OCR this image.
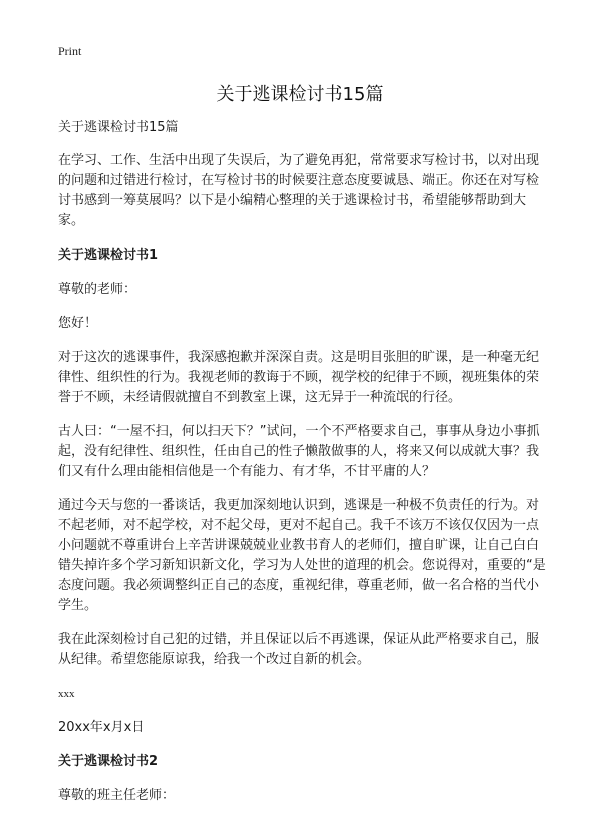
Print
关于逃课检讨书15篇

关于逃课检讨书15篇

在学习、工作、生活中出现了失误后，为了避免再犯，常常要求写检讨书，以对出现的问题和过错进行检讨，在写检讨书的时候要注意态度要诚恳、端正。你还在对写检讨书感到一筹莫展吗？以下是小编精心整理的关于逃课检讨书，希望能够帮助到大家。

关于逃课检讨书1

尊敬的老师：

您好！

对于这次的逃课事件，我深感抱歉并深深自责。这是明目张胆的旷课，是一种毫无纪律性、组织性的行为。我视老师的教诲于不顾，视学校的纪律于不顾，视班集体的荣誉于不顾，未经请假就擅自不到教室上课，这无异于一种流氓的行径。

古人曰：“一屋不扫，何以扫天下？”试问，一个不严格要求自己，事事从身边小事抓起，没有纪律性、组织性，任由自己的性子懒散做事的人，将来又何以成就大事？我们又有什么理由能相信他是一个有能力、有才华，不甘平庸的人？

通过今天与您的一番谈话，我更加深刻地认识到，逃课是一种极不负责任的行为。对不起老师，对不起学校，对不起父母，更对不起自己。我千不该万不该仅仅因为一点小问题就不尊重讲台上辛苦讲课兢兢业业教书育人的老师们，擅自旷课，让自己白白错失掉许多个学习新知识新文化，学习为人处世的道理的机会。您说得对，重要的“是态度问题。我必须调整纠正自己的态度，重视纪律，尊重老师，做一名合格的当代小学生。

我在此深刻检讨自己犯的过错，并且保证以后不再逃课，保证从此严格要求自己，服从纪律。希望您能原谅我，给我一个改过自新的机会。

xxx

20xx年x月x日

关于逃课检讨书2

尊敬的班主任老师：
